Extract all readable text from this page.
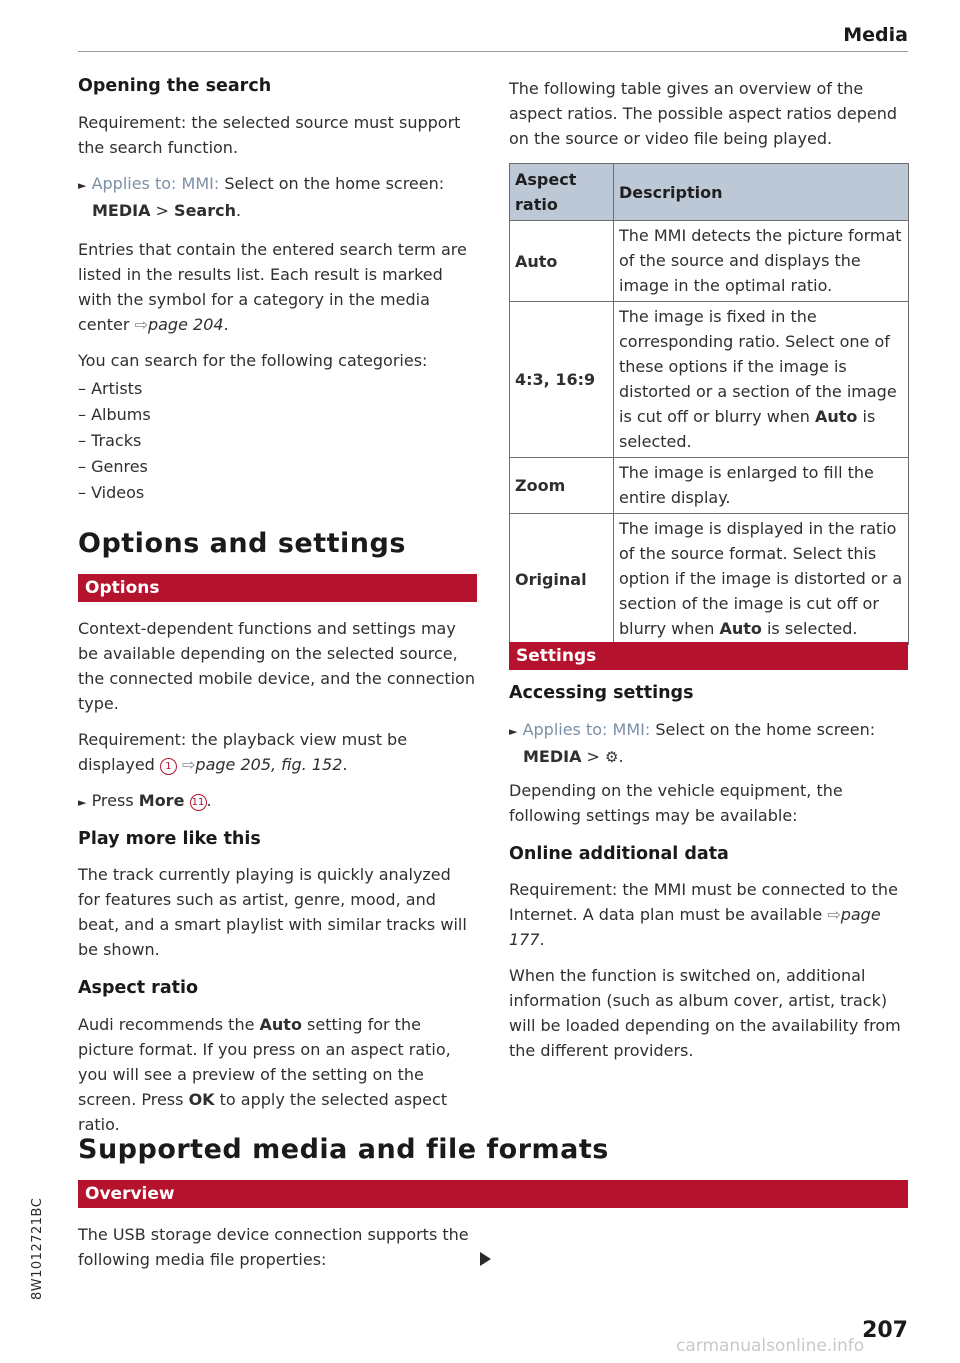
Media
Opening the search

Requirement: the selected source must support the search function.

► Applies to: MMI: Select on the home screen:
MEDIA > Search.

Entries that contain the entered search term are listed in the results list. Each result is marked with the symbol for a category in the media center ⇨page 204.

You can search for the following categories:

– Artists
– Albums
– Tracks
– Genres
– Videos
Options and settings
Options

Context-dependent functions and settings may be available depending on the selected source, the connected mobile device, and the connection type.

Requirement: the playback view must be displayed 1 ⇨page 205, fig. 152.

► Press More 11 .

Play more like this

The track currently playing is quickly analyzed for features such as artist, genre, mood, and beat, and a smart playlist with similar tracks will be shown.

Aspect ratio

Audi recommends the Auto setting for the picture format. If you press on an aspect ratio, you will see a preview of the setting on the screen. Press OK to apply the selected aspect ratio.

The following table gives an overview of the aspect ratios. The possible aspect ratios depend on the source or video file being played.

Aspect ratio	Description
Auto	The MMI detects the picture format of the source and displays the image in the optimal ratio.
4:3, 16:9	The image is fixed in the corresponding ratio. Select one of these options if the image is distorted or a section of the image is cut off or blurry when Auto is selected.
Zoom	The image is enlarged to fill the entire display.
Original	The image is displayed in the ratio of the source format. Select this option if the image is distorted or a section of the image is cut off or blurry when Auto is selected.
Settings
Accessing settings

► Applies to: MMI: Select on the home screen:
MEDIA > ⚙.

Depending on the vehicle equipment, the following settings may be available:

Online additional data

Requirement: the MMI must be connected to the Internet. A data plan must be available ⇨page 177.

When the function is switched on, additional information (such as album cover, artist, track) will be loaded depending on the availability from the different providers.

Supported media and file formats
Overview

The USB storage device connection supports the following media file properties:

8W1012721BC
207
carmanualsonline.info
